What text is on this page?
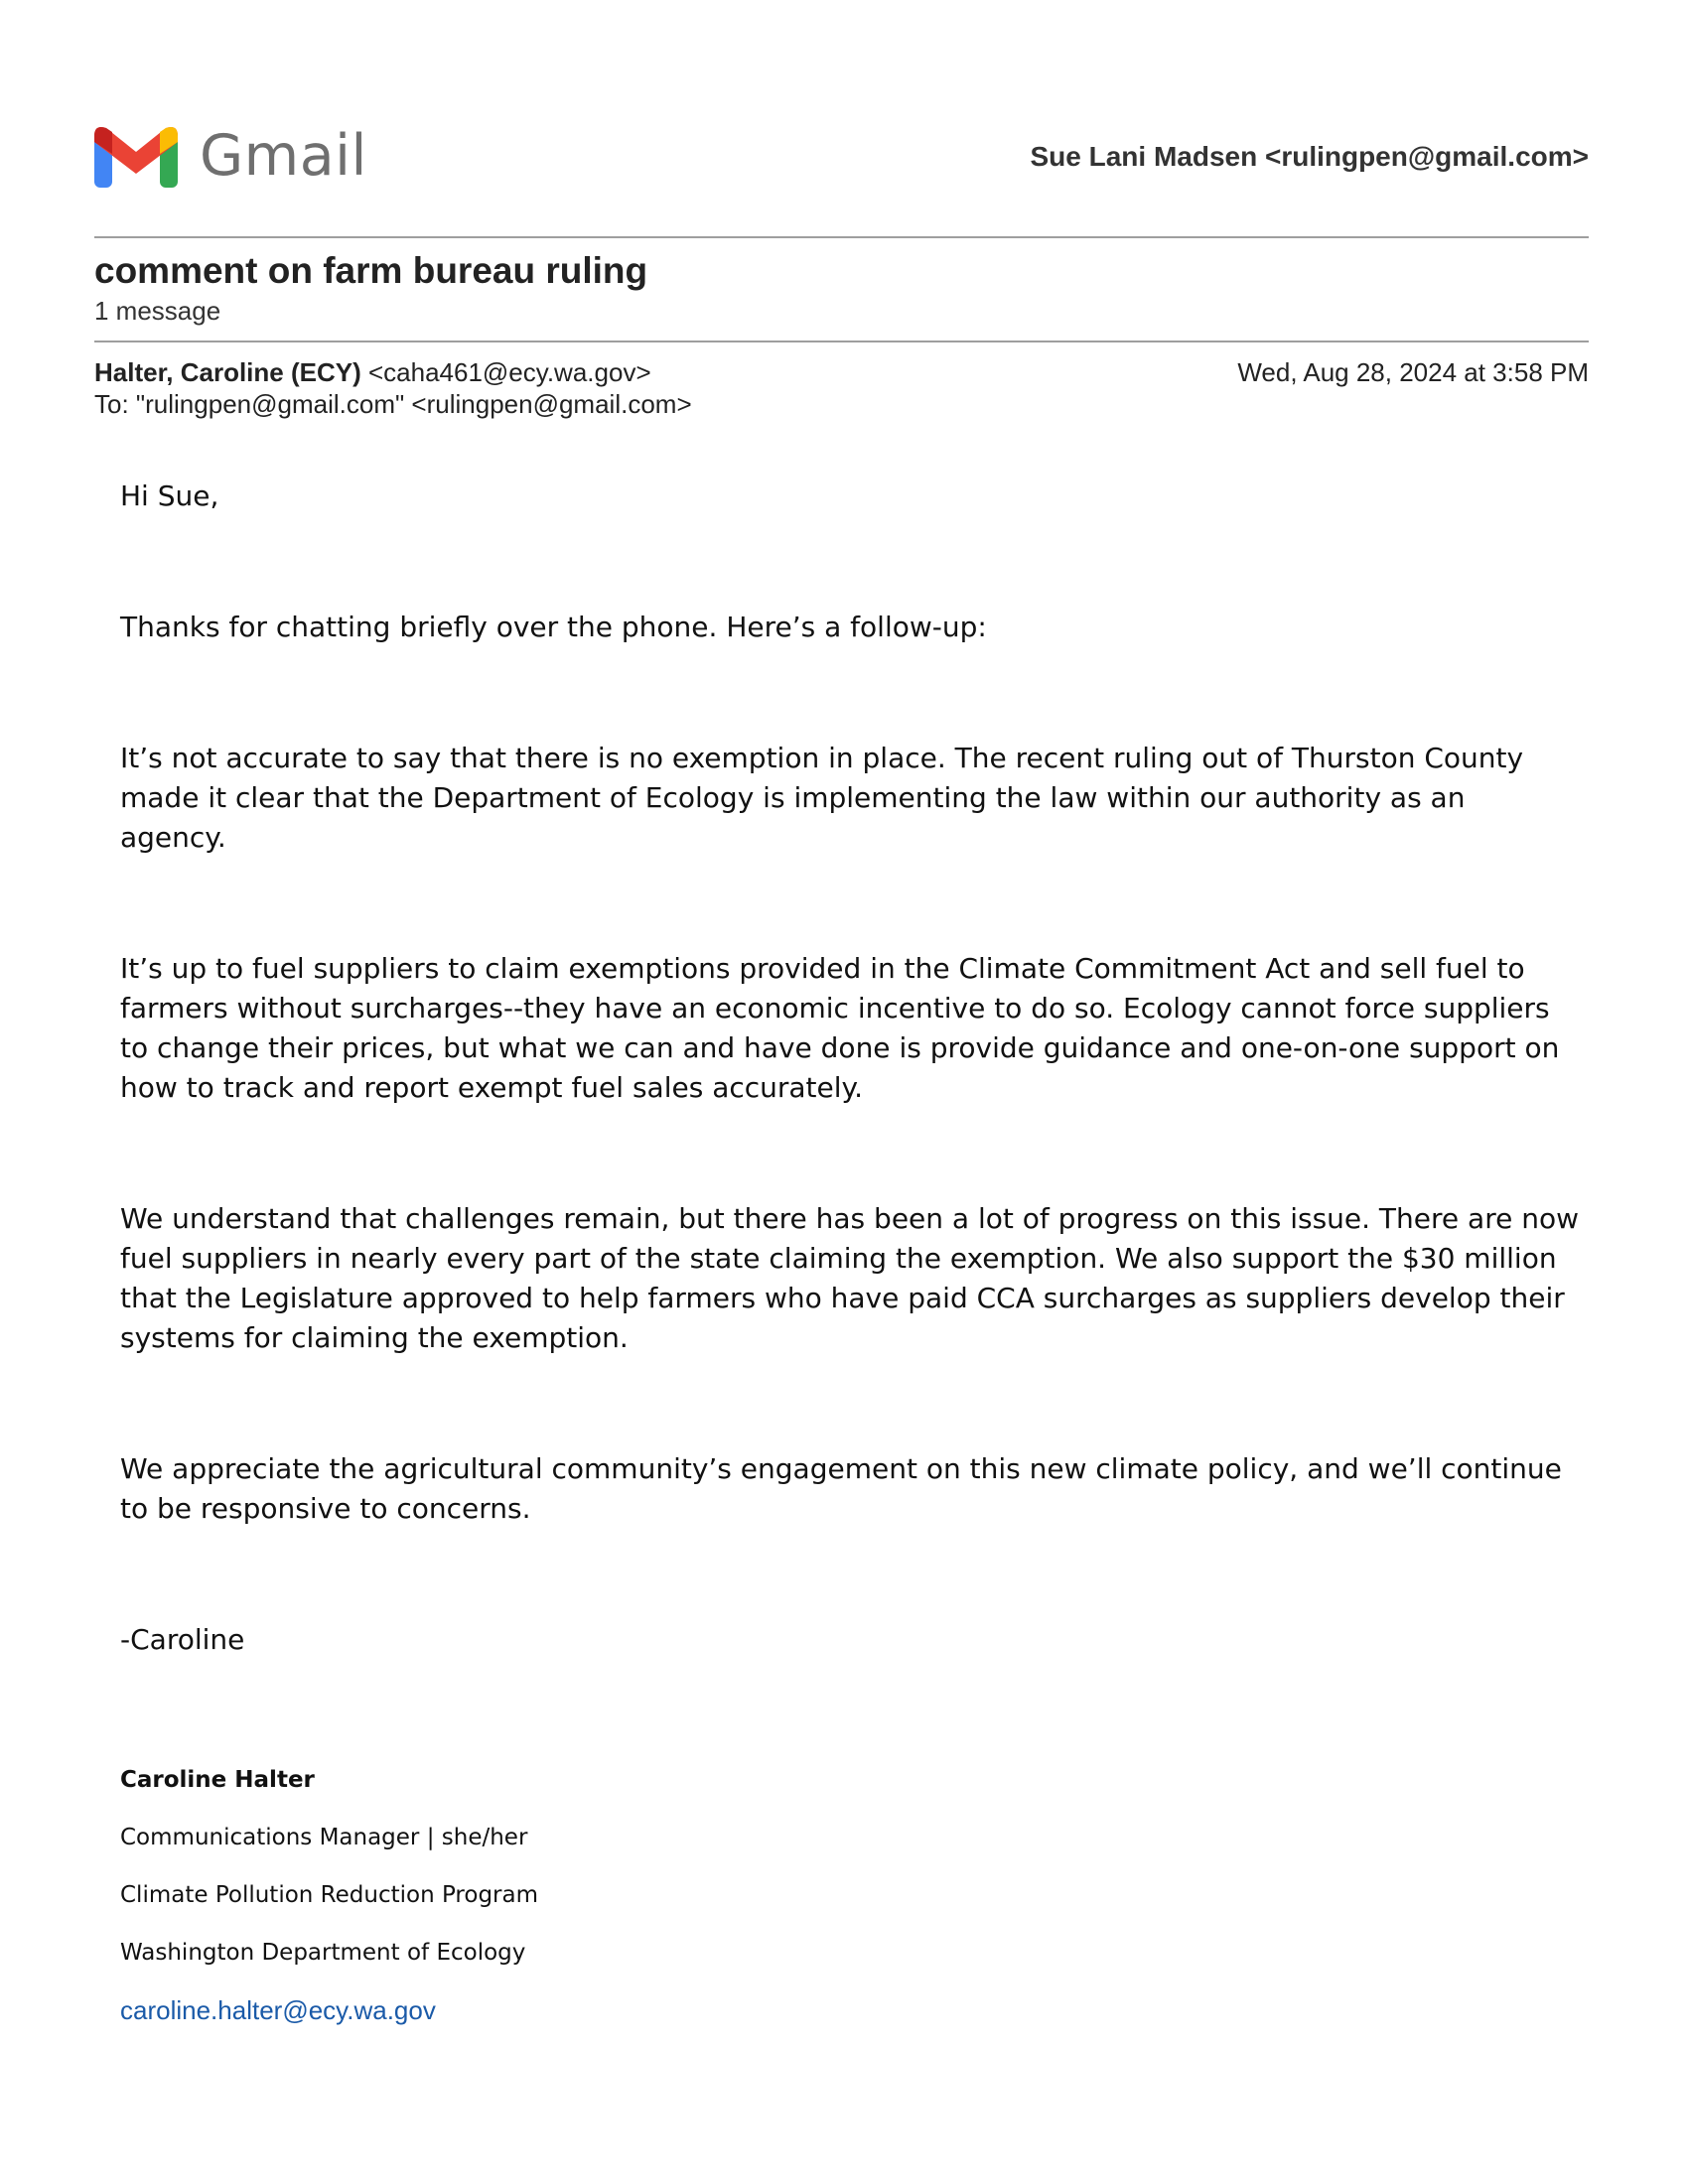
Gmail	Sue Lani Madsen <rulingpen@gmail.com>
comment on farm bureau ruling
1 message
Halter, Caroline (ECY) <caha461@ecy.wa.gov>
To: "rulingpen@gmail.com" <rulingpen@gmail.com>
Wed, Aug 28, 2024 at 3:58 PM

Hi Sue,

Thanks for chatting briefly over the phone. Here’s a follow-up:

It’s not accurate to say that there is no exemption in place. The recent ruling out of Thurston County made it clear that the Department of Ecology is implementing the law within our authority as an agency.

It’s up to fuel suppliers to claim exemptions provided in the Climate Commitment Act and sell fuel to farmers without surcharges--they have an economic incentive to do so. Ecology cannot force suppliers to change their prices, but what we can and have done is provide guidance and one-on-one support on how to track and report exempt fuel sales accurately.

We understand that challenges remain, but there has been a lot of progress on this issue. There are now fuel suppliers in nearly every part of the state claiming the exemption. We also support the $30 million that the Legislature approved to help farmers who have paid CCA surcharges as suppliers develop their systems for claiming the exemption.

We appreciate the agricultural community’s engagement on this new climate policy, and we’ll continue to be responsive to concerns.

-Caroline

Caroline Halter
Communications Manager | she/her
Climate Pollution Reduction Program
Washington Department of Ecology
caroline.halter@ecy.wa.gov
